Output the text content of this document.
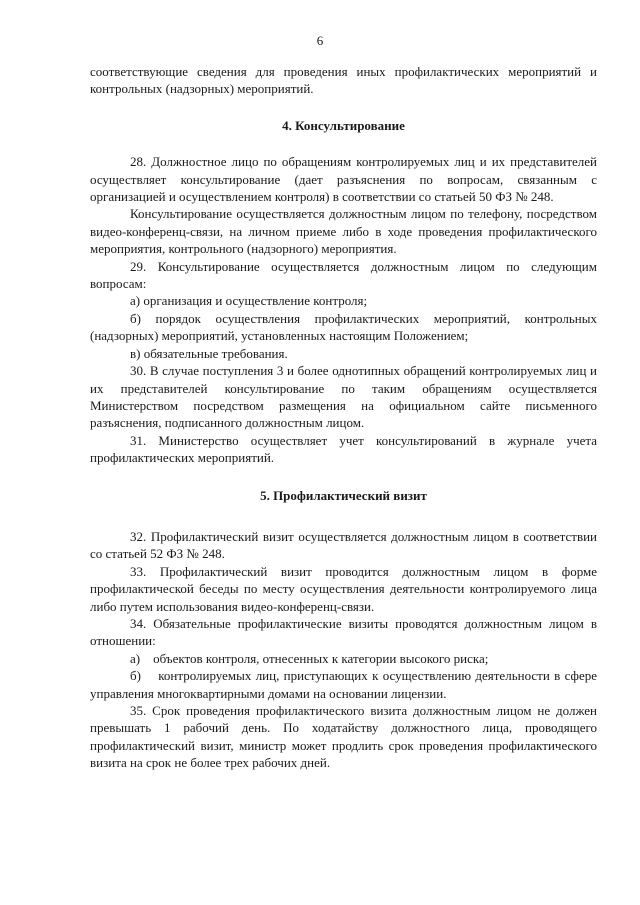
6

соответствующие сведения для проведения иных профилактических мероприятий и контрольных (надзорных) мероприятий.

4. Консультирование

28. Должностное лицо по обращениям контролируемых лиц и их представителей осуществляет консультирование (дает разъяснения по вопросам, связанным с организацией и осуществлением контроля) в соответствии со статьей 50 ФЗ № 248.

Консультирование осуществляется должностным лицом по телефону, посредством видео-конференц-связи, на личном приеме либо в ходе проведения профилактического мероприятия, контрольного (надзорного) мероприятия.

29. Консультирование осуществляется должностным лицом по следующим вопросам:

а) организация и осуществление контроля;

б) порядок осуществления профилактических мероприятий, контрольных (надзорных) мероприятий, установленных настоящим Положением;

в) обязательные требования.

30. В случае поступления 3 и более однотипных обращений контролируемых лиц и их представителей консультирование по таким обращениям осуществляется Министерством посредством размещения на официальном сайте письменного разъяснения, подписанного должностным лицом.

31. Министерство осуществляет учет консультирований в журнале учета профилактических мероприятий.

5. Профилактический визит

32. Профилактический визит осуществляется должностным лицом в соответствии со статьей 52 ФЗ № 248.

33. Профилактический визит проводится должностным лицом в форме профилактической беседы по месту осуществления деятельности контролируемого лица либо путем использования видео-конференц-связи.

34. Обязательные профилактические визиты проводятся должностным лицом в отношении:

а)    объектов контроля, отнесенных к категории высокого риска;

б)    контролируемых лиц, приступающих к осуществлению деятельности в сфере управления многоквартирными домами на основании лицензии.

35. Срок проведения профилактического визита должностным лицом не должен превышать 1 рабочий день. По ходатайству должностного лица, проводящего профилактический визит, министр может продлить срок проведения профилактического визита на срок не более трех рабочих дней.
